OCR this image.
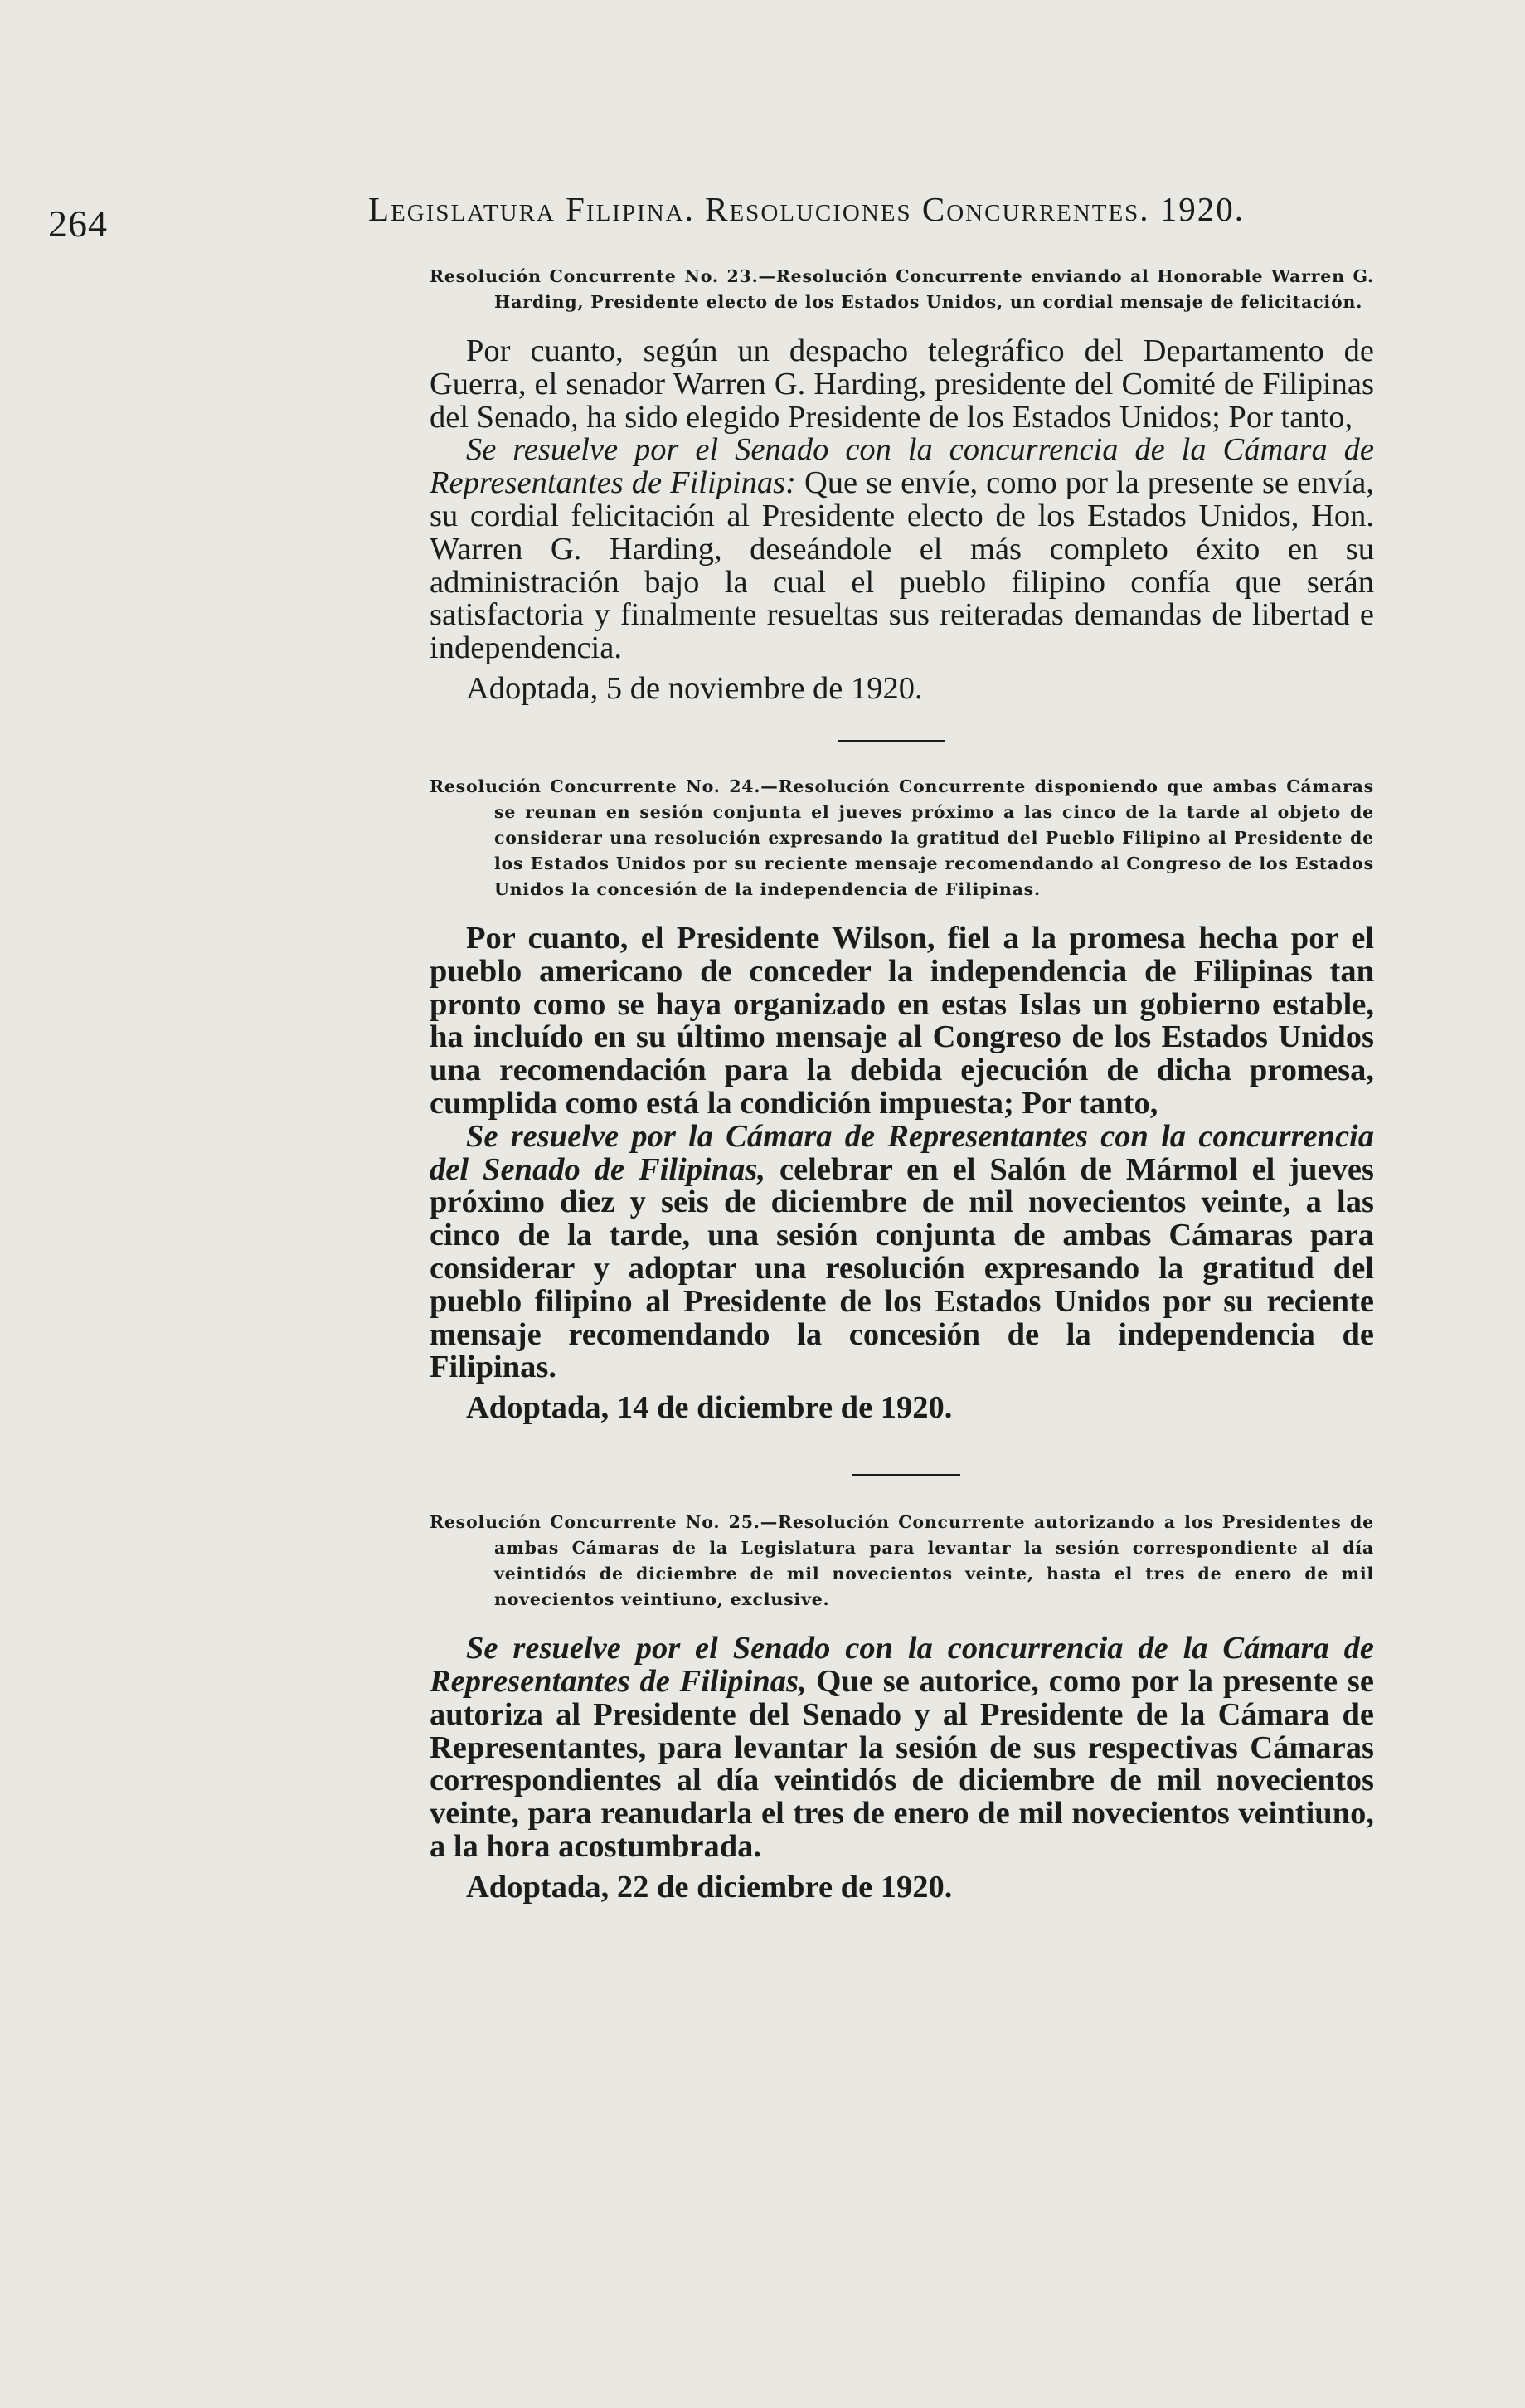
264	Legislatura Filipina. Resoluciones Concurrentes. 1920.

Resolución Concurrente No. 23.—Resolución Concurrente enviando al Honorable Warren G. Harding, Presidente electo de los Estados Unidos, un cordial mensaje de felicitación.

Por cuanto, según un despacho telegráfico del Departamento de Guerra, el senador Warren G. Harding, presidente del Comité de Filipinas del Senado, ha sido elegido Presidente de los Estados Unidos; Por tanto,

Se resuelve por el Senado con la concurrencia de la Cámara de Representantes de Filipinas: Que se envíe, como por la presente se envía, su cordial felicitación al Presidente electo de los Estados Unidos, Hon. Warren G. Harding, deseándole el más completo éxito en su administración bajo la cual el pueblo filipino confía que serán satisfactoria y finalmente resueltas sus reiteradas demandas de libertad e independencia.

Adoptada, 5 de noviembre de 1920.

Resolución Concurrente No. 24.—Resolución Concurrente disponiendo que ambas Cámaras se reunan en sesión conjunta el jueves próximo a las cinco de la tarde al objeto de considerar una resolución expresando la gratitud del Pueblo Filipino al Presidente de los Estados Unidos por su reciente mensaje recomendando al Congreso de los Estados Unidos la concesión de la independencia de Filipinas.

Por cuanto, el Presidente Wilson, fiel a la promesa hecha por el pueblo americano de conceder la independencia de Filipinas tan pronto como se haya organizado en estas Islas un gobierno estable, ha incluído en su último mensaje al Congreso de los Estados Unidos una recomendación para la debida ejecución de dicha promesa, cumplida como está la condición impuesta; Por tanto,

Se resuelve por la Cámara de Representantes con la concurrencia del Senado de Filipinas, celebrar en el Salón de Mármol el jueves próximo diez y seis de diciembre de mil novecientos veinte, a las cinco de la tarde, una sesión conjunta de ambas Cámaras para considerar y adoptar una resolución expresando la gratitud del pueblo filipino al Presidente de los Estados Unidos por su reciente mensaje recomendando la concesión de la independencia de Filipinas.

Adoptada, 14 de diciembre de 1920.

Resolución Concurrente No. 25.—Resolución Concurrente autorizando a los Presidentes de ambas Cámaras de la Legislatura para levantar la sesión correspondiente al día veintidós de diciembre de mil novecientos veinte, hasta el tres de enero de mil novecientos veintiuno, exclusive.

Se resuelve por el Senado con la concurrencia de la Cámara de Representantes de Filipinas, Que se autorice, como por la presente se autoriza al Presidente del Senado y al Presidente de la Cámara de Representantes, para levantar la sesión de sus respectivas Cámaras correspondientes al día veintidós de diciembre de mil novecientos veinte, para reanudarla el tres de enero de mil novecientos veintiuno, a la hora acostumbrada.

Adoptada, 22 de diciembre de 1920.
